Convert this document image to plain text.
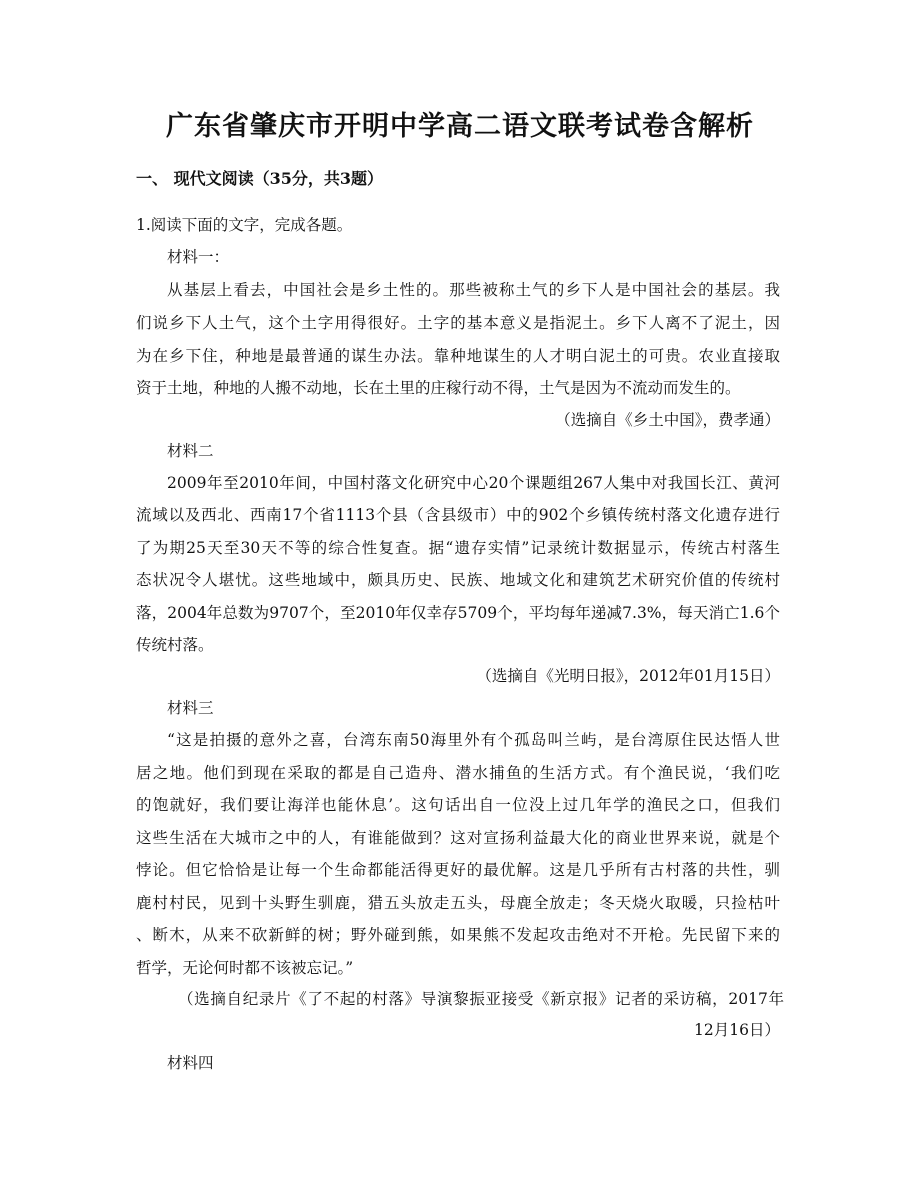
广东省肇庆市开明中学高二语文联考试卷含解析
一、 现代文阅读（35分，共3题）

1.阅读下面的文字，完成各题。

材料一：

从基层上看去，中国社会是乡土性的。那些被称土气的乡下人是中国社会的基层。我

们说乡下人土气，这个土字用得很好。土字的基本意义是指泥土。乡下人离不了泥土，因

为在乡下住，种地是最普通的谋生办法。靠种地谋生的人才明白泥土的可贵。农业直接取

资于土地，种地的人搬不动地，长在土里的庄稼行动不得，土气是因为不流动而发生的。

（选摘自《乡土中国》，费孝通）

材料二

2009年至2010年间，中国村落文化研究中心20个课题组267人集中对我国长江、黄河

流域以及西北、西南17个省1113个县（含县级市）中的902个乡镇传统村落文化遗存进行

了为期25天至30天不等的综合性复查。据“遗存实情”记录统计数据显示，传统古村落生

态状况令人堪忧。这些地域中，颇具历史、民族、地域文化和建筑艺术研究价值的传统村

落，2004年总数为9707个，至2010年仅幸存5709个，平均每年递减7.3%，每天消亡1.6个

传统村落。

（选摘自《光明日报》，2012年01月15日）

材料三

“这是拍摄的意外之喜，台湾东南50海里外有个孤岛叫兰屿，是台湾原住民达悟人世

居之地。他们到现在采取的都是自己造舟、潜水捕鱼的生活方式。有个渔民说，‘我们吃

的饱就好，我们要让海洋也能休息’。这句话出自一位没上过几年学的渔民之口，但我们

这些生活在大城市之中的人，有谁能做到？这对宣扬利益最大化的商业世界来说，就是个

悖论。但它恰恰是让每一个生命都能活得更好的最优解。这是几乎所有古村落的共性，驯

鹿村村民，见到十头野生驯鹿，猎五头放走五头，母鹿全放走；冬天烧火取暖，只捡枯叶

、断木，从来不砍新鲜的树；野外碰到熊，如果熊不发起攻击绝对不开枪。先民留下来的

哲学，无论何时都不该被忘记。”

（选摘自纪录片《了不起的村落》导演黎振亚接受《新京报》记者的采访稿，2017年

12月16日）

材料四
